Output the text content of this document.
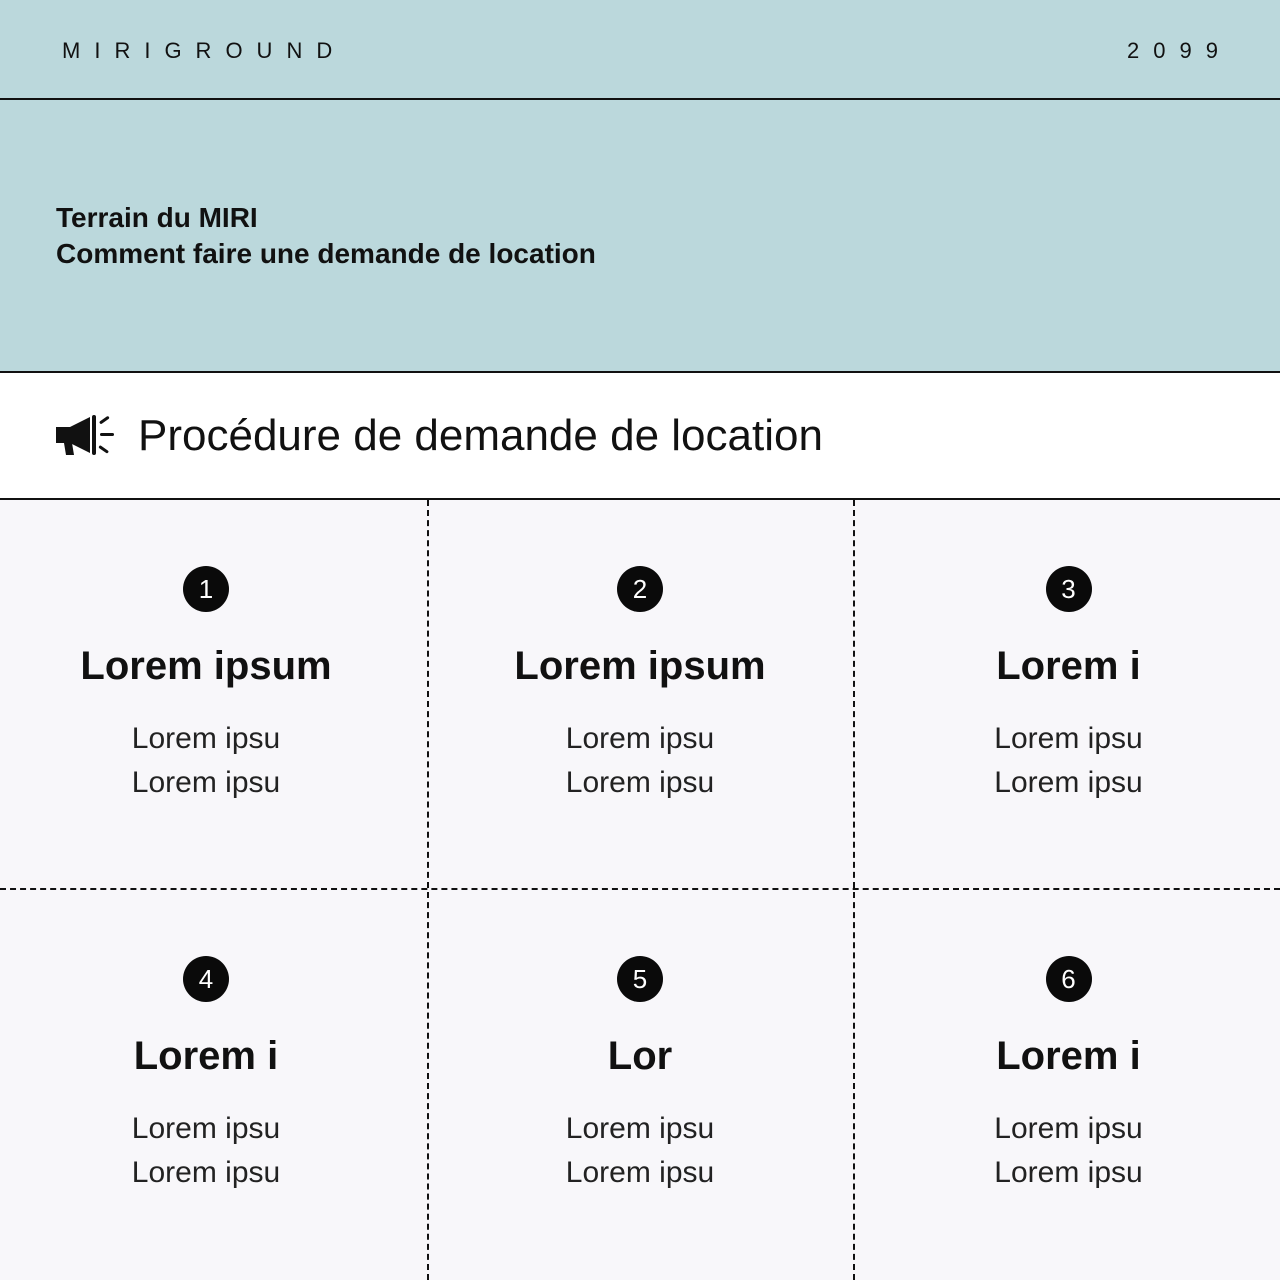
MIRIGROUND	2099
Terrain du MIRI
Comment faire une demande de location
Procédure de demande de location
1
Lorem ipsum
Lorem ipsu
Lorem ipsu
2
Lorem ipsum
Lorem ipsu
Lorem ipsu
3
Lorem i
Lorem ipsu
Lorem ipsu
4
Lorem i
Lorem ipsu
Lorem ipsu
5
Lor
Lorem ipsu
Lorem ipsu
6
Lorem i
Lorem ipsu
Lorem ipsu
